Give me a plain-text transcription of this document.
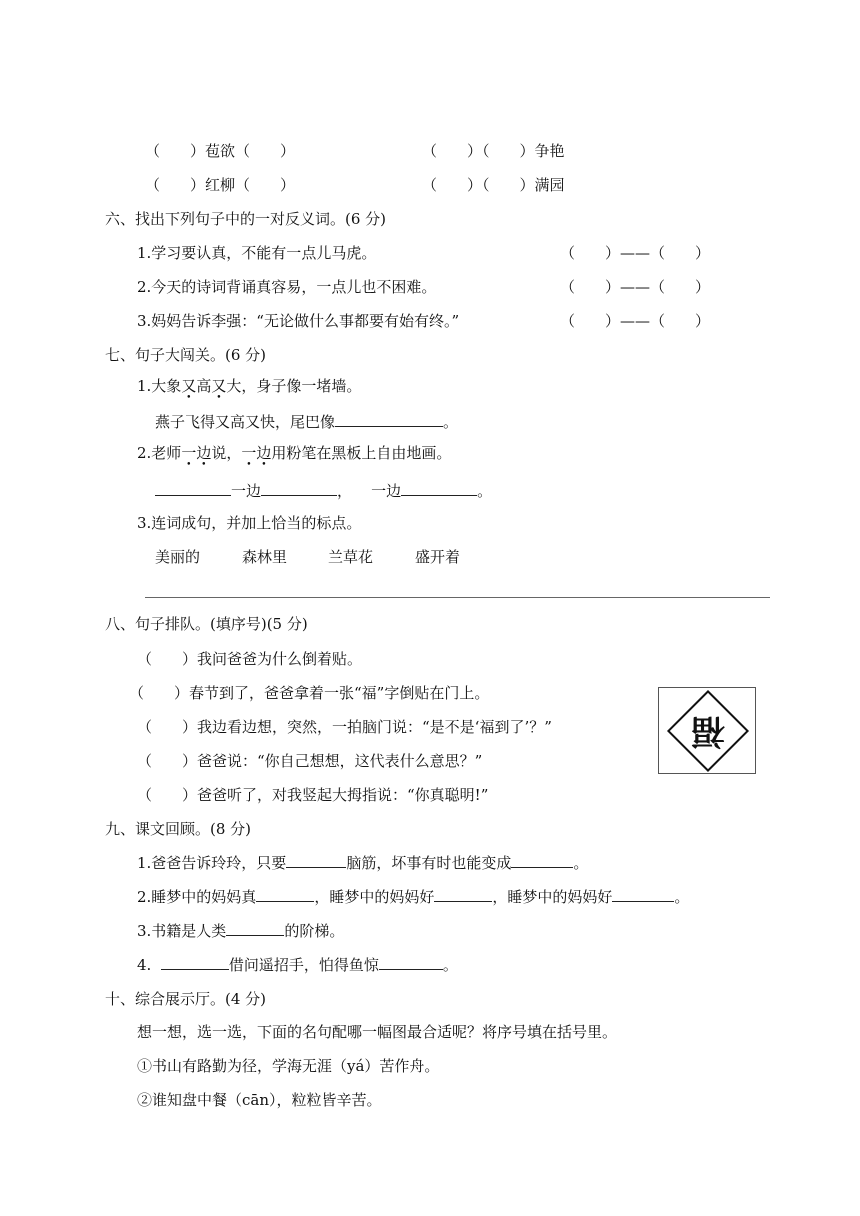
（　　）苞欲（　　）	（　　）（　　）争艳
（　　）红柳（　　）	（　　）（　　）满园
六、找出下列句子中的一对反义词。(6 分)
1.学习要认真，不能有一点儿马虎。	（　　）——（　　）
2.今天的诗词背诵真容易，一点儿也不困难。	（　　）——（　　）
3.妈妈告诉李强：“无论做什么事都要有始有终。”	（　　）——（　　）
七、句子大闯关。(6 分)
1.大象又高又大，身子像一堵墙。
燕子飞得又高又快，尾巴像	。
2.老师一边说，一边用粉笔在黑板上自由地画。
一边	， 一边	。
3.连词成句，并加上恰当的标点。
美丽的	森林里	兰草花	盛开着
八、句子排队。(填序号)(5 分)
（　　）我问爸爸为什么倒着贴。
（　　）春节到了，爸爸拿着一张“福”字倒贴在门上。
（　　）我边看边想，突然，一拍脑门说：“是不是‘福到了’？”
（　　）爸爸说：“你自己想想，这代表什么意思？”
（　　）爸爸听了，对我竖起大拇指说：“你真聪明!”
福
九、课文回顾。(8 分)
1.爸爸告诉玲玲，只要	脑筋，坏事有时也能变成	。
2.睡梦中的妈妈真	，睡梦中的妈妈好	，睡梦中的妈妈好	。
3.书籍是人类	的阶梯。
4.	借问遥招手，怕得鱼惊	。
十、综合展示厅。(4 分)
想一想，选一选，下面的名句配哪一幅图最合适呢？将序号填在括号里。
①书山有路勤为径，学海无涯（yá）苦作舟。
②谁知盘中餐（cān），粒粒皆辛苦。
